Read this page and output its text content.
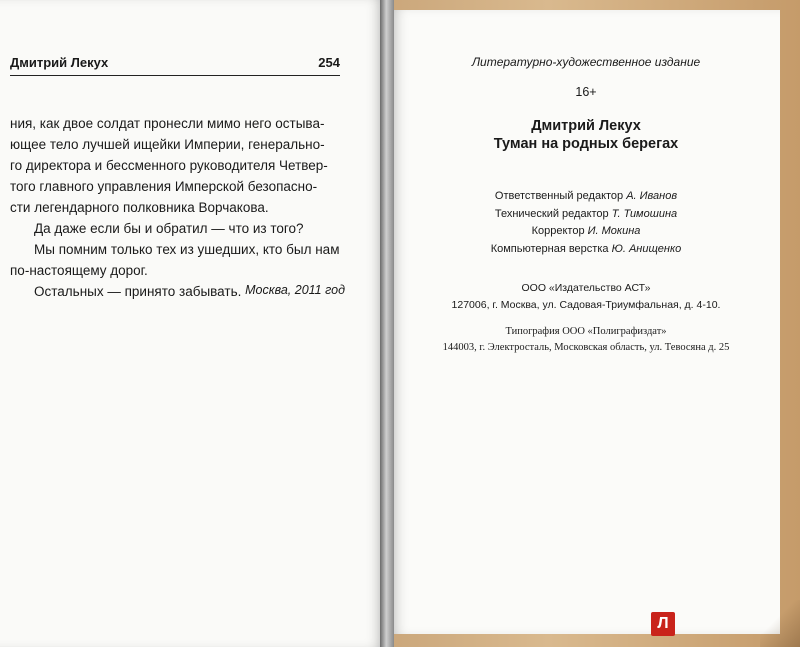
Дмитрий Лекух	254

ния, как двое солдат пронесли мимо него остыва-

ющее тело лучшей ищейки Империи, генерально-

го директора и бессменного руководителя Четвер-

того главного управления Имперской безопасно-

сти легендарного полковника Ворчакова.

Да даже если бы и обратил — что из того?

Мы помним только тех из ушедших, кто был нам

по-настоящему дорог.

Остальных — принято забывать. Москва, 2011 год
Литературно-художественное издание
16+
Дмитрий Лекух
Туман на родных берегах
Ответственный редактор А. Иванов
Технический редактор Т. Тимошина
Корректор И. Мокина
Компьютерная верстка Ю. Анищенко
ООО «Издательство АСТ»
127006, г. Москва, ул. Садовая-Триумфальная, д. 4-10.
Типография ООО «Полиграфиздат»
144003, г. Электросталь, Московская область, ул. Тевосяна д. 25
Л
